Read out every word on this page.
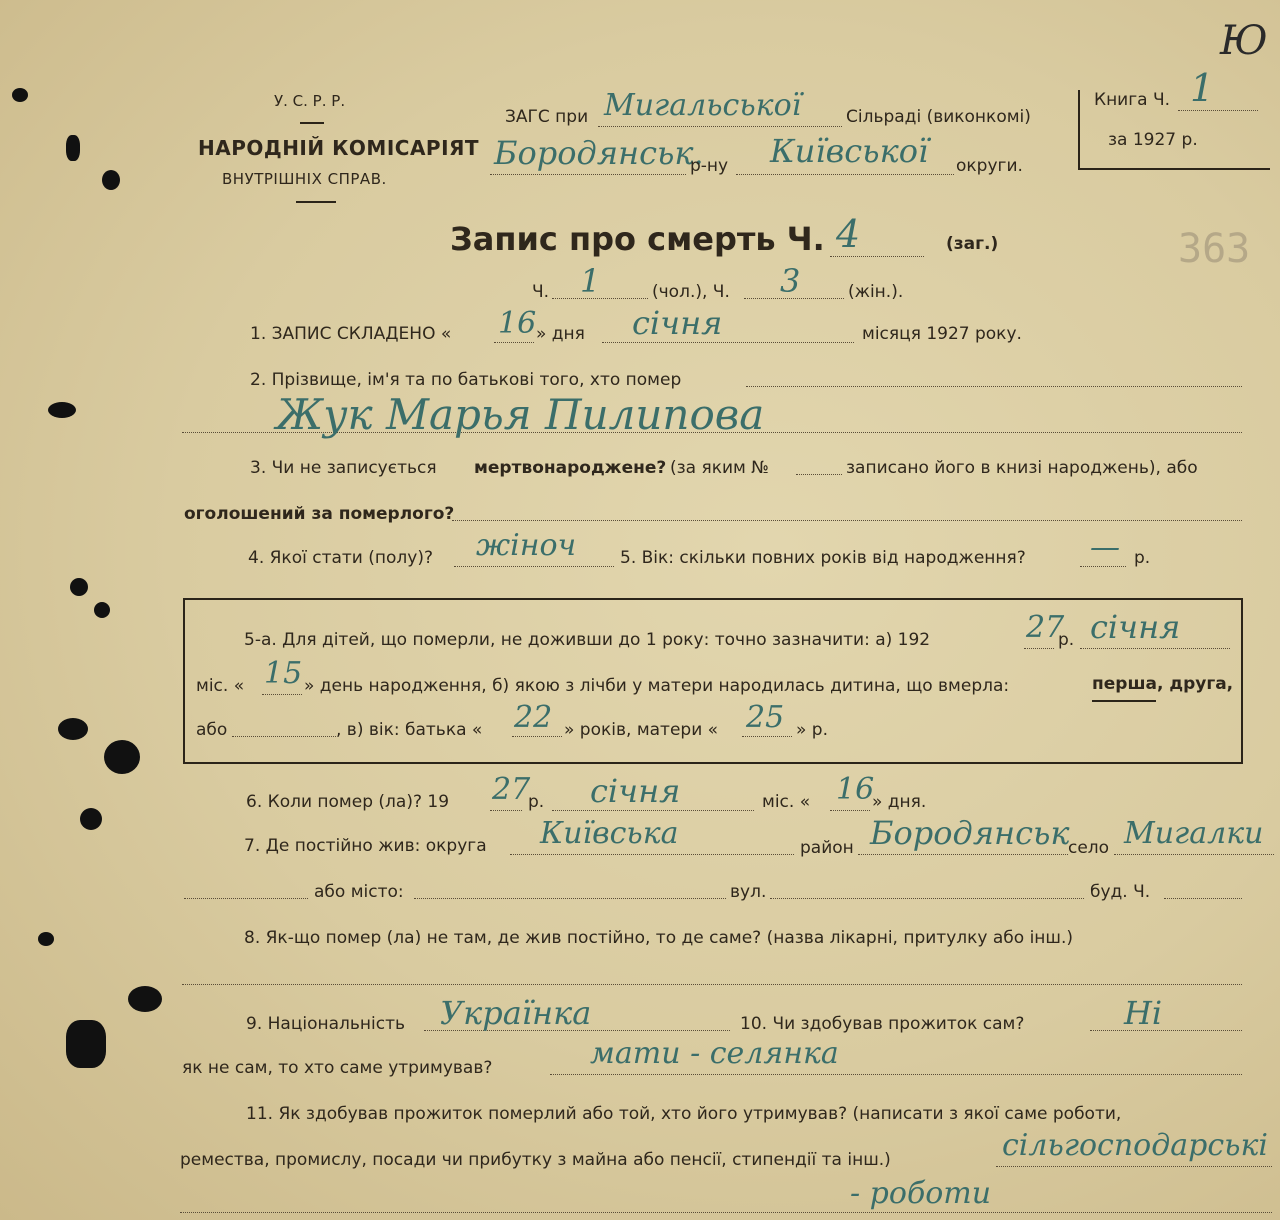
У. С. Р. Р.
НАРОДНІЙ КОМІСАРІЯТ
ВНУТРІШНІХ СПРАВ.
ЗАГС при Мигальської	Сільраді (виконкомі)
Бородянськ.
р-ну Київської округи.
Книга Ч. 1
за 1927 р.
Ю
363
Запис про смерть Ч. 4	(заг.)
Ч. 1	(чол.), Ч. 3	(жін.).
1. ЗАПИС СКЛАДЕНО « 16 » дня січня	місяця 1927 року.
2. Прізвище, ім'я та по батькові того, хто помер
Жук Марья Пилипова
3. Чи не записується мертвонароджене? (за яким №	записано його в книзі народжень), або
оголошений за померлого?
4. Якої стати (полу)? жіноч	5. Вік: скільки повних років від народження? — р.
5-а. Для дітей, що померли, не доживши до 1 року: точно зазначити: а) 192	27
р. січня
міс. « 15 » день народження, б) якою з лічби у матери народилась дитина, що вмерла:	перша, друга,
або	, в) вік: батька « 22 » років, матери « 25 » р.
6. Коли помер (ла)? 19 27
р. січня	міс. « 16
» дня.
7. Де постійно жив: округа Київська	район Бородянськ
село Мигалки
або місто:	вул.	буд. Ч.
8. Як-що помер (ла) не там, де жив постійно, то де саме? (назва лікарні, притулку або інш.)
9. Національність Українка	10. Чи здобував прожиток сам?	Ні
як не сам, то хто саме утримував?	мати - селянка
11. Як здобував прожиток померлий або той, хто його утримував? (написати з якої саме роботи,
ремества, промислу, посади чи прибутку з майна або пенсії, стипендії та інш.)	сільгосподарські
- роботи
